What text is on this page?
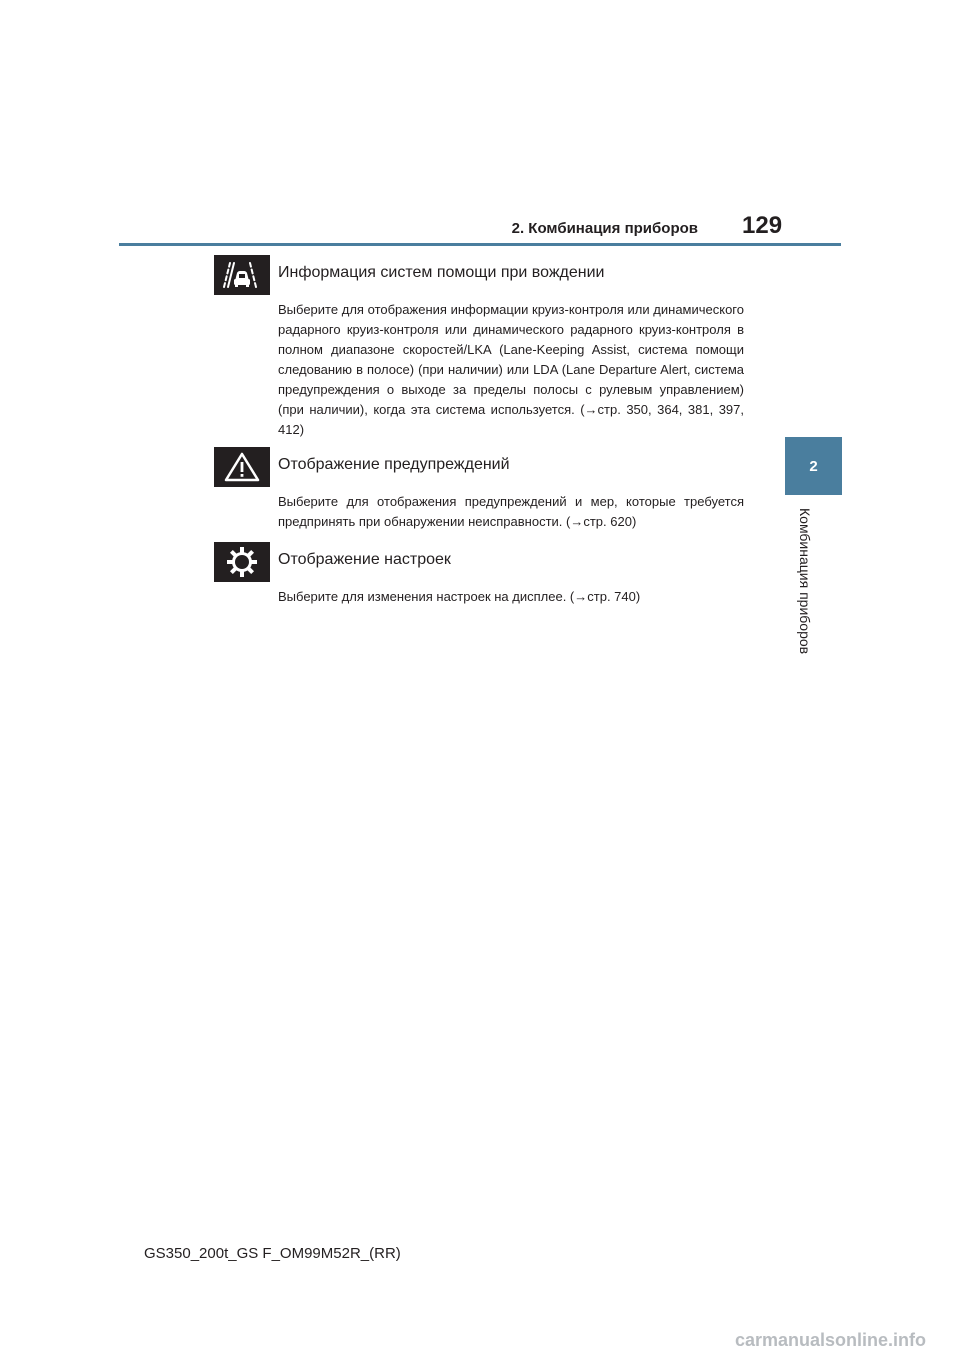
2. Комбинация приборов 129
2
Комбинация приборов
Информация систем помощи при вождении

Выберите для отображения информации круиз-контроля или динамического радарного круиз-контроля или динамического радарного круиз-контроля в полном диапазоне скоростей/LKA (Lane-Keeping Assist, система помощи следованию в полосе) (при наличии) или LDA (Lane Departure Alert, система предупреждения о выходе за пределы полосы с рулевым управлением) (при наличии), когда эта система используется. (→стр. 350, 364, 381, 397, 412)

Отображение предупреждений

Выберите для отображения предупреждений и мер, которые требуется предпринять при обнаружении неисправности. (→стр. 620)

Отображение настроек

Выберите для изменения настроек на дисплее. (→стр. 740)

GS350_200t_GS F_OM99M52R_(RR)
carmanualsonline.info
